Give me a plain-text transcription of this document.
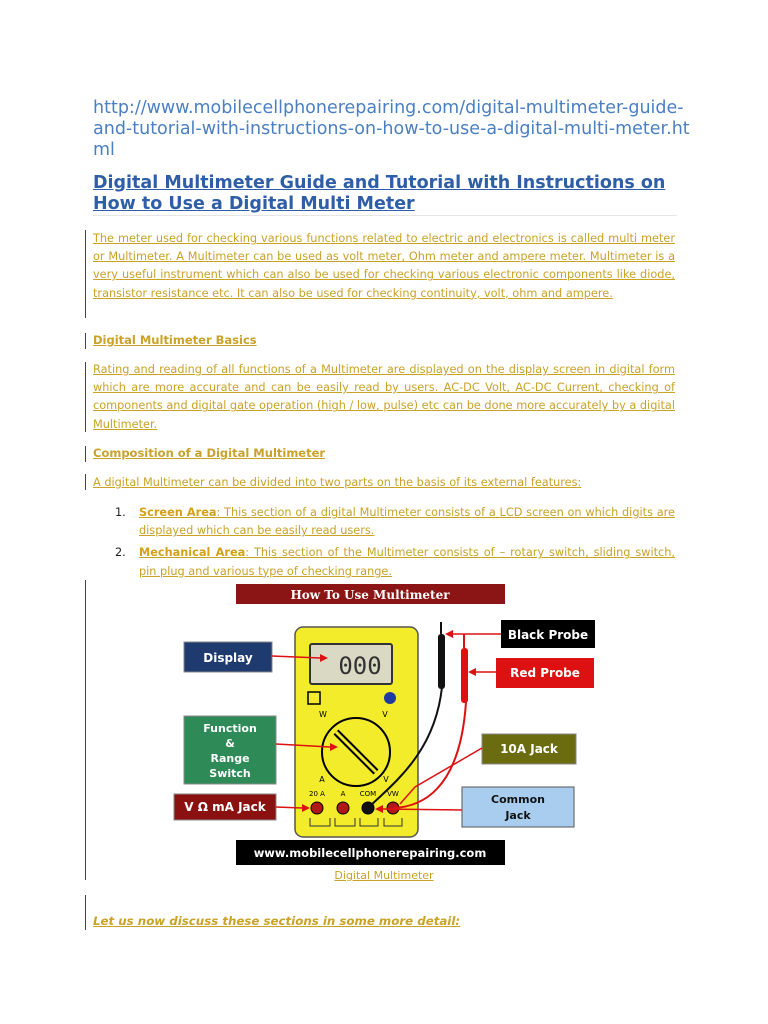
http://www.mobilecellphonerepairing.com/digital-multimeter-guide-and-tutorial-with-instructions-on-how-to-use-a-digital-multi-meter.html
Digital Multimeter Guide and Tutorial with Instructions on How to Use a Digital Multi Meter
The meter used for checking various functions related to electric and electronics is called multi meter or Multimeter. A Multimeter can be used as volt meter, Ohm meter and ampere meter. Multimeter is a very useful instrument which can also be used for checking various electronic components like diode, transistor resistance etc. It can also be used for checking continuity, volt, ohm and ampere.
Digital Multimeter Basics
Rating and reading of all functions of a Multimeter are displayed on the display screen in digital form which are more accurate and can be easily read by users. AC-DC Volt, AC-DC Current, checking of components and digital gate operation (high / low, pulse) etc can be done more accurately by a digital Multimeter.
Composition of a Digital Multimeter
A digital Multimeter can be divided into two parts on the basis of its external features:
1. Screen Area: This section of a digital Multimeter consists of a LCD screen on which digits are displayed which can be easily read users.
2. Mechanical Area: This section of the Multimeter consists of – rotary switch, sliding switch, pin plug and various type of checking range.
How To Use Multimeter
000
W	V
A	V
20 A A COM VW
Display
Function
&
Range
Switch
V Ω mA Jack
Black Probe
Red Probe
10A Jack
Common
Jack
www.mobilecellphonerepairing.com
Digital Multimeter
Let us now discuss these sections in some more detail:
